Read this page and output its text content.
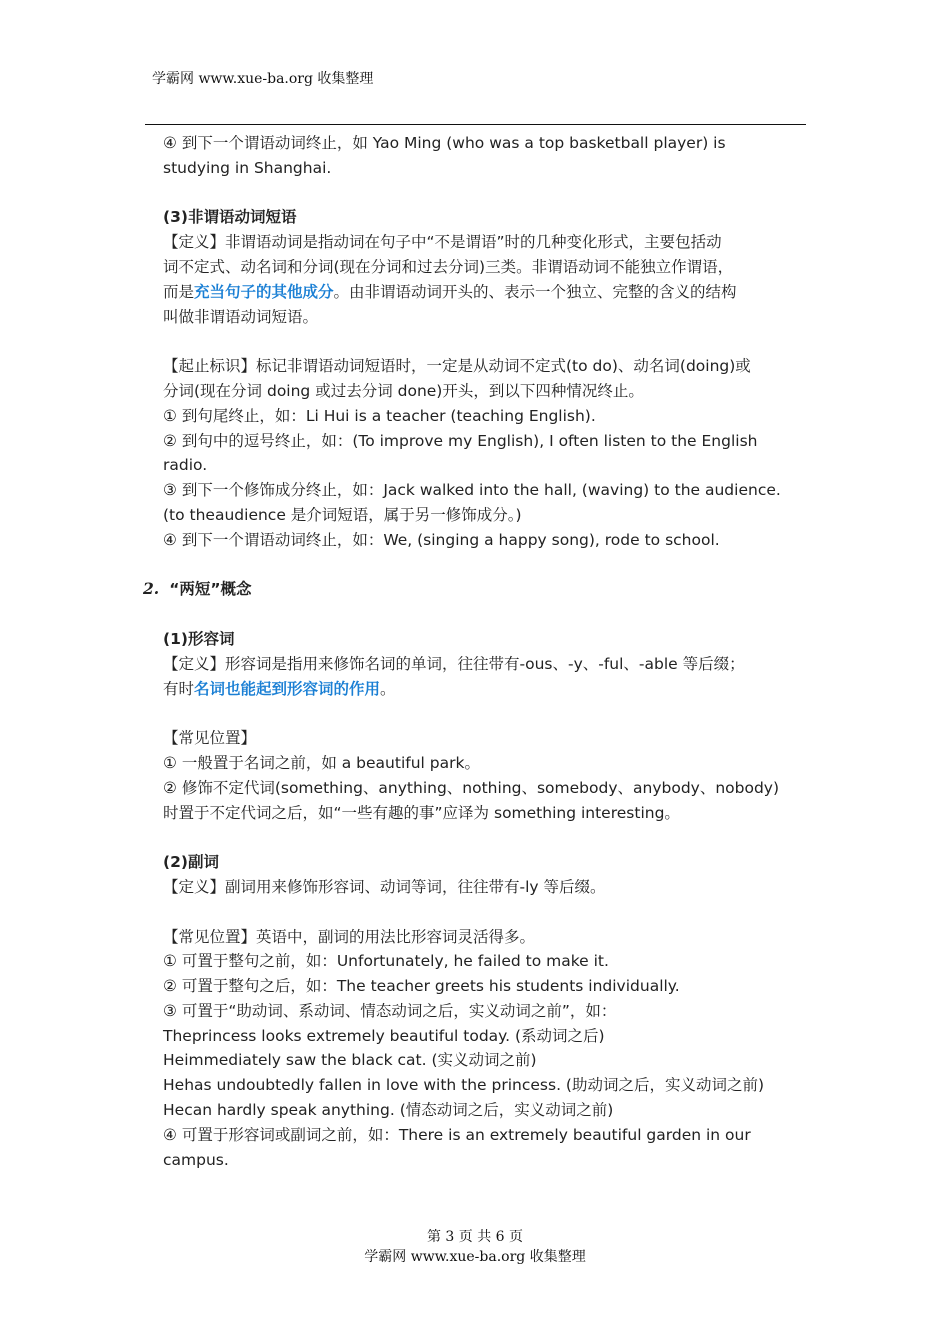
学霸网 www.xue-ba.org 收集整理

④ 到下一个谓语动词终止，如 Yao Ming (who was a top basketball player) is

studying in Shanghai.

(3)非谓语动词短语

【定义】非谓语动词是指动词在句子中“不是谓语”时的几种变化形式，主要包括动

词不定式、动名词和分词(现在分词和过去分词)三类。非谓语动词不能独立作谓语，

而是充当句子的其他成分。由非谓语动词开头的、表示一个独立、完整的含义的结构

叫做非谓语动词短语。

【起止标识】标记非谓语动词短语时，一定是从动词不定式(to do)、动名词(doing)或

分词(现在分词 doing 或过去分词 done)开头，到以下四种情况终止。

① 到句尾终止，如：Li Hui is a teacher (teaching English).

② 到句中的逗号终止，如：(To improve my English), I often listen to the English

radio.

③ 到下一个修饰成分终止，如：Jack walked into the hall, (waving) to the audience.

(to theaudience 是介词短语，属于另一修饰成分。)

④ 到下一个谓语动词终止，如：We, (singing a happy song), rode to school.

2. “两短”概念

(1)形容词

【定义】形容词是指用来修饰名词的单词，往往带有-ous、-y、-ful、-able 等后缀；

有时名词也能起到形容词的作用。

【常见位置】

① 一般置于名词之前，如 a beautiful park。

② 修饰不定代词(something、anything、nothing、somebody、anybody、nobody)

时置于不定代词之后，如“一些有趣的事”应译为 something interesting。

(2)副词

【定义】副词用来修饰形容词、动词等词，往往带有-ly 等后缀。

【常见位置】英语中，副词的用法比形容词灵活得多。

① 可置于整句之前，如：Unfortunately, he failed to make it.

② 可置于整句之后，如：The teacher greets his students individually.

③ 可置于“助动词、系动词、情态动词之后，实义动词之前”，如：

Theprincess looks extremely beautiful today. (系动词之后)

Heimmediately saw the black cat. (实义动词之前)

Hehas undoubtedly fallen in love with the princess. (助动词之后，实义动词之前)

Hecan hardly speak anything. (情态动词之后，实义动词之前)

④ 可置于形容词或副词之前，如：There is an extremely beautiful garden in our

campus.

第 3 页 共 6 页
学霸网 www.xue-ba.org 收集整理
